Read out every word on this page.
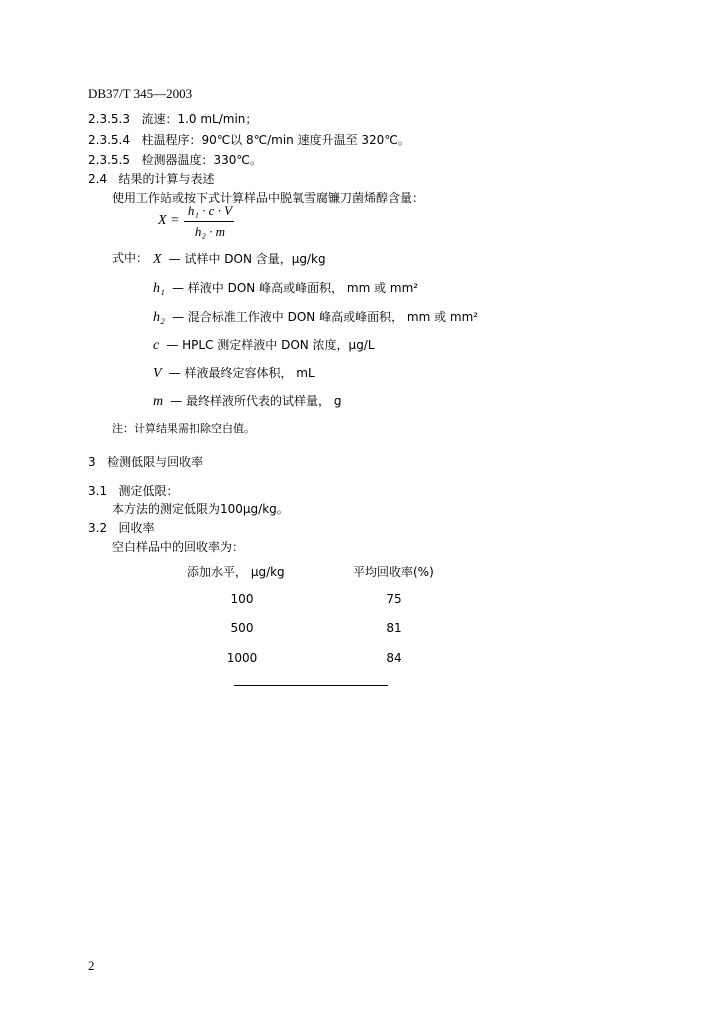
DB37/T 345—2003
2.3.5.3 流速：1.0 mL/min；
2.3.5.4 柱温程序：90℃以 8℃/min 速度升温至 320℃。
2.3.5.5 检测器温度：330℃。
2.4 结果的计算与表述
使用工作站或按下式计算样品中脱氧雪腐镰刀菌烯醇含量：
X =
h₁ · c · V
h₂ · m
式中： X — 试样中 DON 含量，μg/kg
h₁ — 样液中 DON 峰高或峰面积， mm 或 mm²
h₂ — 混合标准工作液中 DON 峰高或峰面积， mm 或 mm²
c — HPLC 测定样液中 DON 浓度，μg/L
V — 样液最终定容体积， mL
m — 最终样液所代表的试样量， g
注：计算结果需扣除空白值。
3 检测低限与回收率
3.1 测定低限：
本方法的测定低限为100μg/kg。
3.2 回收率
空白样品中的回收率为：
添加水平， μg/kg	平均回收率(%)
100	75
500	81
1000	84
2
